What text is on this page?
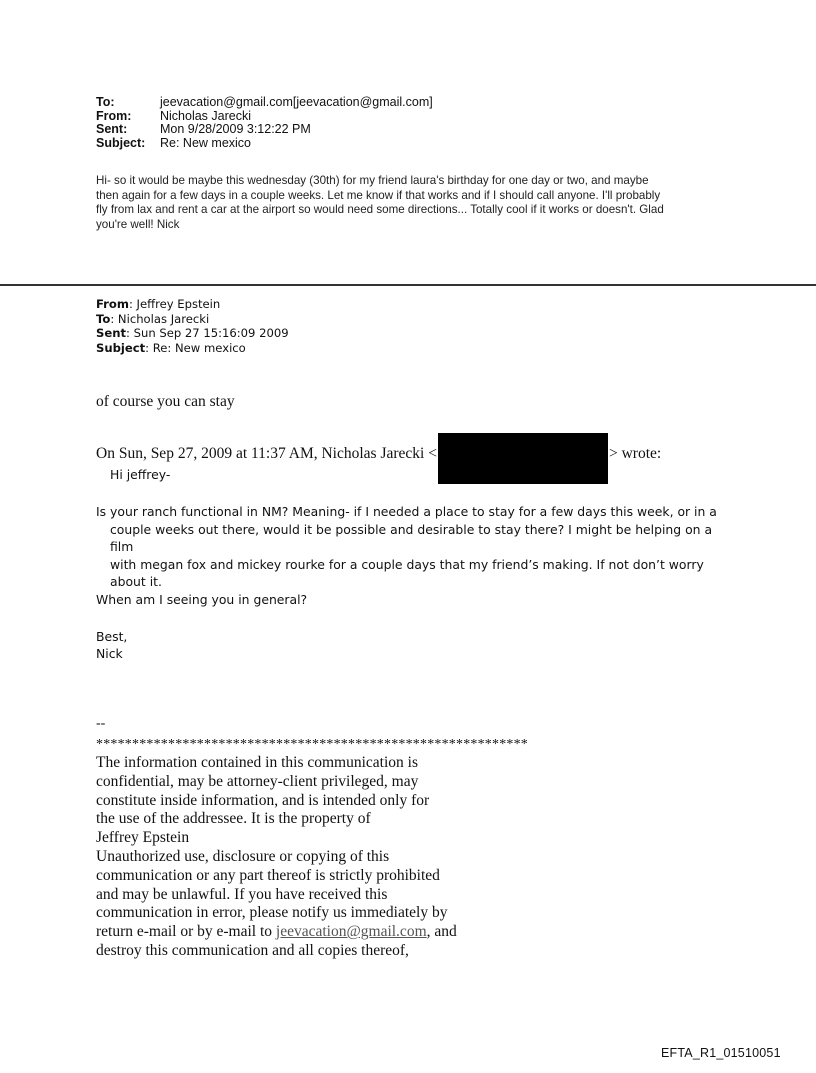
To:	jeevacation@gmail.com[jeevacation@gmail.com]
From:	Nicholas Jarecki
Sent:	Mon 9/28/2009 3:12:22 PM
Subject:	Re: New mexico
Hi- so it would be maybe this wednesday (30th) for my friend laura's birthday for one day or two, and maybe
then again for a few days in a couple weeks. Let me know if that works and if I should call anyone. I'll probably
fly from lax and rent a car at the airport so would need some directions... Totally cool if it works or doesn't. Glad
you're well! Nick
From: Jeffrey Epstein
To: Nicholas Jarecki
Sent: Sun Sep 27 15:16:09 2009
Subject: Re: New mexico
of course you can stay
On Sun, Sep 27, 2009 at 11:37 AM, Nicholas Jarecki <	> wrote:
Hi jeffrey-
Is your ranch functional in NM? Meaning- if I needed a place to stay for a few days this week, or in a
couple weeks out there, would it be possible and desirable to stay there? I might be helping on a film
with megan fox and mickey rourke for a couple days that my friend’s making. If not don’t worry
about it.
When am I seeing you in general?
Best,
Nick
--
************************************************************
The information contained in this communication is
confidential, may be attorney-client privileged, may
constitute inside information, and is intended only for
the use of the addressee. It is the property of
Jeffrey Epstein
Unauthorized use, disclosure or copying of this
communication or any part thereof is strictly prohibited
and may be unlawful. If you have received this
communication in error, please notify us immediately by
return e-mail or by e-mail to jeevacation@gmail.com, and
destroy this communication and all copies thereof,
EFTA_R1_01510051
